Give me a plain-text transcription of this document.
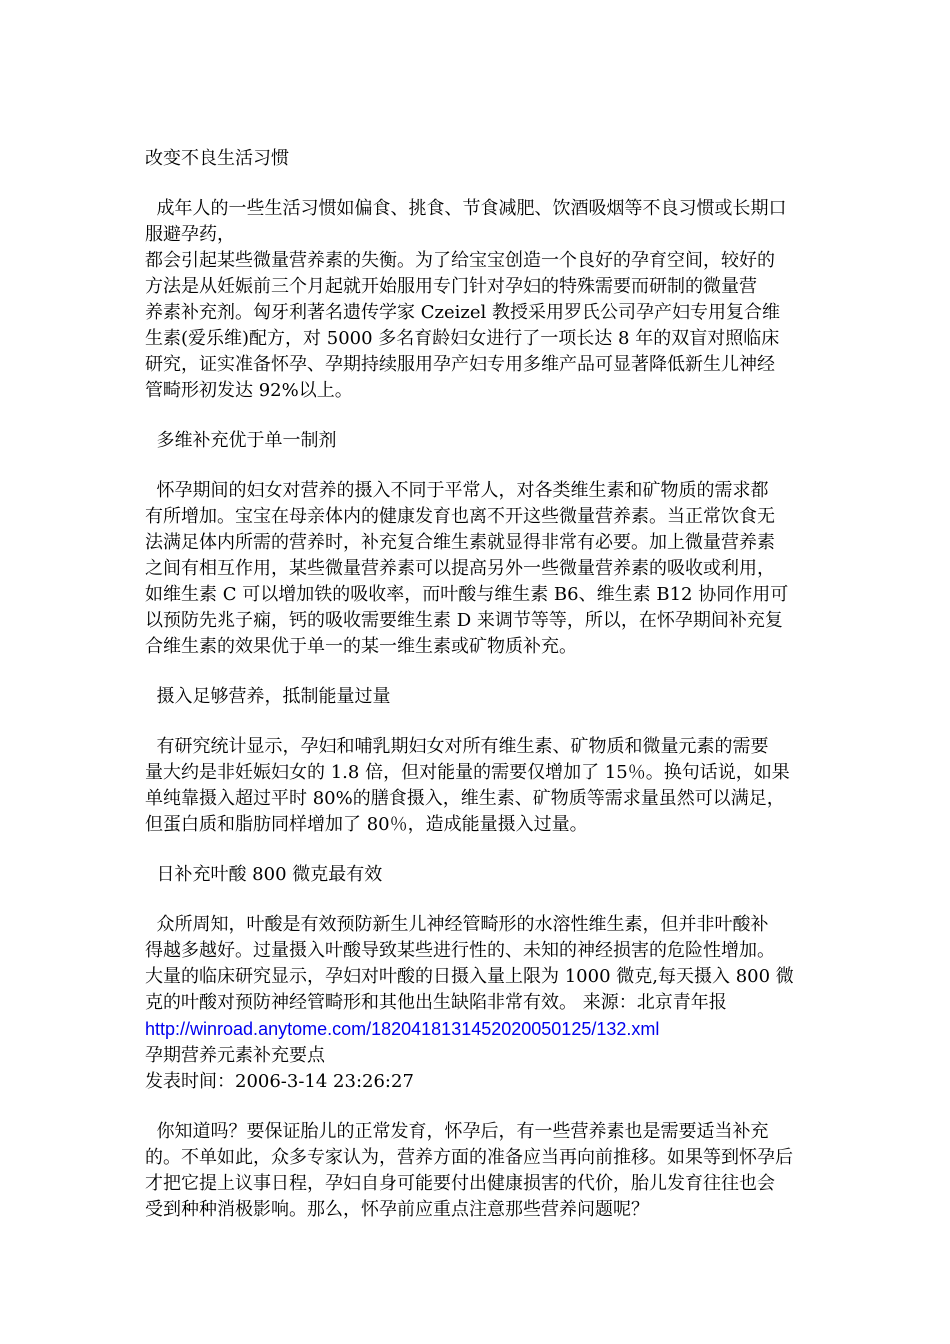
改变不良生活习惯

成年人的一些生活习惯如偏食、挑食、节食减肥、饮酒吸烟等不良习惯或长期口

服避孕药，

都会引起某些微量营养素的失衡。为了给宝宝创造一个良好的孕育空间，较好的

方法是从妊娠前三个月起就开始服用专门针对孕妇的特殊需要而研制的微量营

养素补充剂。匈牙利著名遗传学家 Czeizel 教授采用罗氏公司孕产妇专用复合维

生素(爱乐维)配方，对 5000 多名育龄妇女进行了一项长达 8 年的双盲对照临床

研究，证实准备怀孕、孕期持续服用孕产妇专用多维产品可显著降低新生儿神经

管畸形初发达 92%以上。

多维补充优于单一制剂

怀孕期间的妇女对营养的摄入不同于平常人，对各类维生素和矿物质的需求都

有所增加。宝宝在母亲体内的健康发育也离不开这些微量营养素。当正常饮食无

法满足体内所需的营养时，补充复合维生素就显得非常有必要。加上微量营养素

之间有相互作用，某些微量营养素可以提高另外一些微量营养素的吸收或利用，

如维生素 C 可以增加铁的吸收率，而叶酸与维生素 B6、维生素 B12 协同作用可

以预防先兆子痫，钙的吸收需要维生素 D 来调节等等，所以，在怀孕期间补充复

合维生素的效果优于单一的某一维生素或矿物质补充。

摄入足够营养，抵制能量过量

有研究统计显示，孕妇和哺乳期妇女对所有维生素、矿物质和微量元素的需要

量大约是非妊娠妇女的 1.8 倍，但对能量的需要仅增加了 15％。换句话说，如果

单纯靠摄入超过平时 80%的膳食摄入，维生素、矿物质等需求量虽然可以满足，

但蛋白质和脂肪同样增加了 80％，造成能量摄入过量。

日补充叶酸 800 微克最有效

众所周知，叶酸是有效预防新生儿神经管畸形的水溶性维生素，但并非叶酸补

得越多越好。过量摄入叶酸导致某些进行性的、未知的神经损害的危险性增加。

大量的临床研究显示，孕妇对叶酸的日摄入量上限为 1000 微克,每天摄入 800 微

克的叶酸对预防神经管畸形和其他出生缺陷非常有效。 来源：北京青年报

http://winroad.anytome.com/18204181314520200501​25/132.xml

孕期营养元素补充要点

发表时间：2006-3-14 23:26:27

你知道吗？要保证胎儿的正常发育，怀孕后，有一些营养素也是需要适当补充

的。不单如此，众多专家认为，营养方面的准备应当再向前推移。如果等到怀孕后

才把它提上议事日程，孕妇自身可能要付出健康损害的代价，胎儿发育往往也会

受到种种消极影响。那么，怀孕前应重点注意那些营养问题呢？
